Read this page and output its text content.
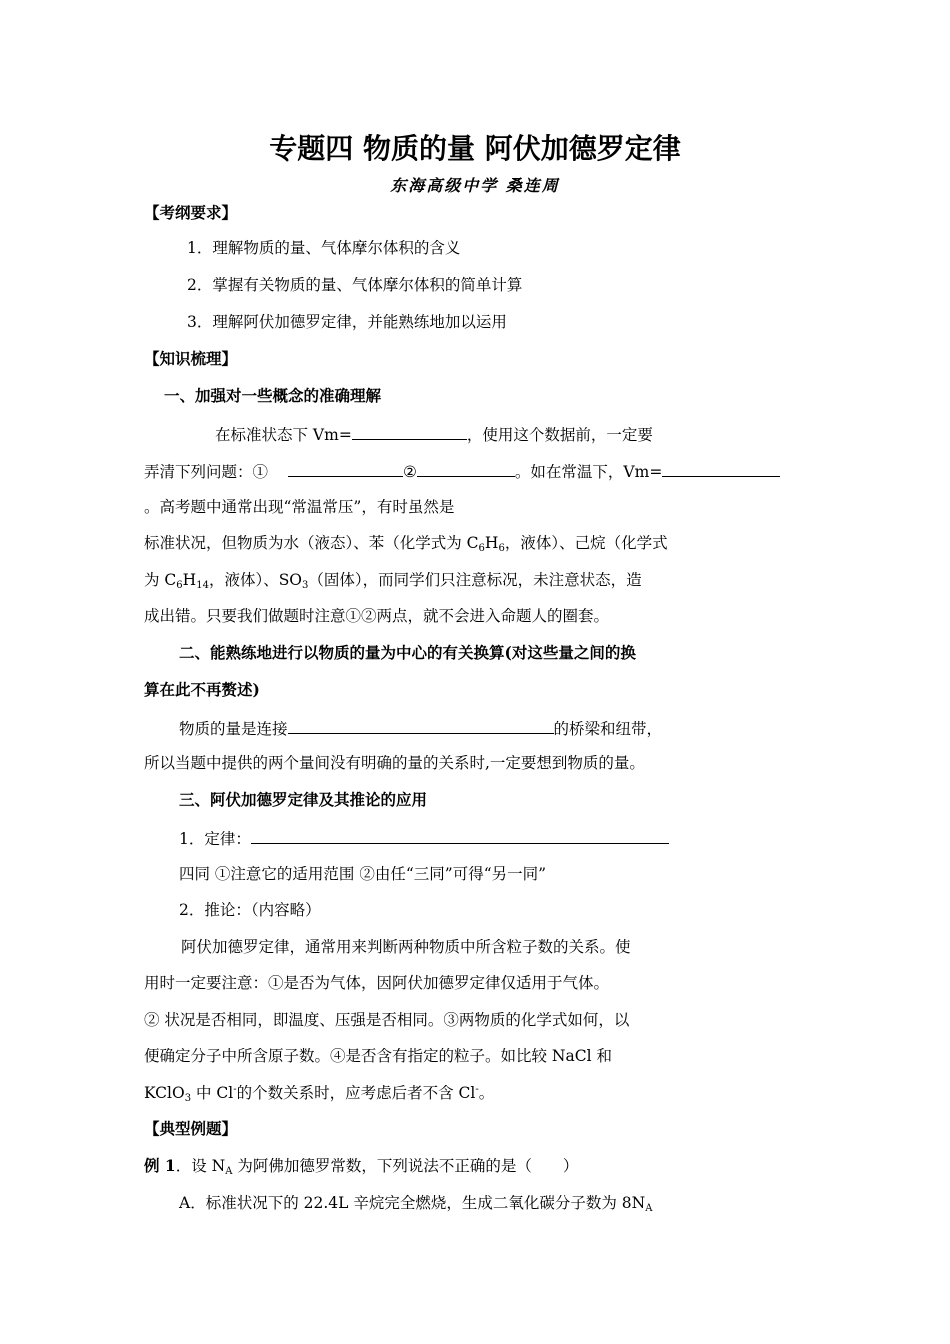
专题四 物质的量 阿伏加德罗定律
东海高级中学 桑连周
【考纲要求】
1．理解物质的量、气体摩尔体积的含义
2．掌握有关物质的量、气体摩尔体积的简单计算
3．理解阿伏加德罗定律，并能熟练地加以运用
【知识梳理】
一、加强对一些概念的准确理解
在标准状态下 Vm=	，使用这个数据前，一定要
弄清下列问题：①	②	。如在常温下，Vm=
。高考题中通常出现“常温常压”，有时虽然是
标准状况，但物质为水（液态）、苯（化学式为 $C_6H_6$，液体）、己烷（化学式
为 $C_6H_{14}$，液体）、$SO_3$（固体），而同学们只注意标况，未注意状态，造
成出错。只要我们做题时注意①②两点，就不会进入命题人的圈套。
二、能熟练地进行以物质的量为中心的有关换算(对这些量之间的换
算在此不再赘述)
物质的量是连接	的桥梁和纽带，
所以当题中提供的两个量间没有明确的量的关系时,一定要想到物质的量。
三、阿伏加德罗定律及其推论的应用
1．定律：
四同 ①注意它的适用范围 ②由任“三同”可得“另一同”
2．推论：（内容略）
阿伏加德罗定律，通常用来判断两种物质中所含粒子数的关系。使
用时一定要注意：①是否为气体，因阿伏加德罗定律仅适用于气体。
② 状况是否相同，即温度、压强是否相同。③两物质的化学式如何，以
便确定分子中所含原子数。④是否含有指定的粒子。如比较 NaCl 和
KClO$_3$ 中 Cl-的个数关系时，应考虑后者不含 Cl-。
【典型例题】
例 1．设 $N_A$ 为阿佛加德罗常数，下列说法不正确的是（　　）
A．标准状况下的 22.4L 辛烷完全燃烧，生成二氧化碳分子数为 $8N_A$
